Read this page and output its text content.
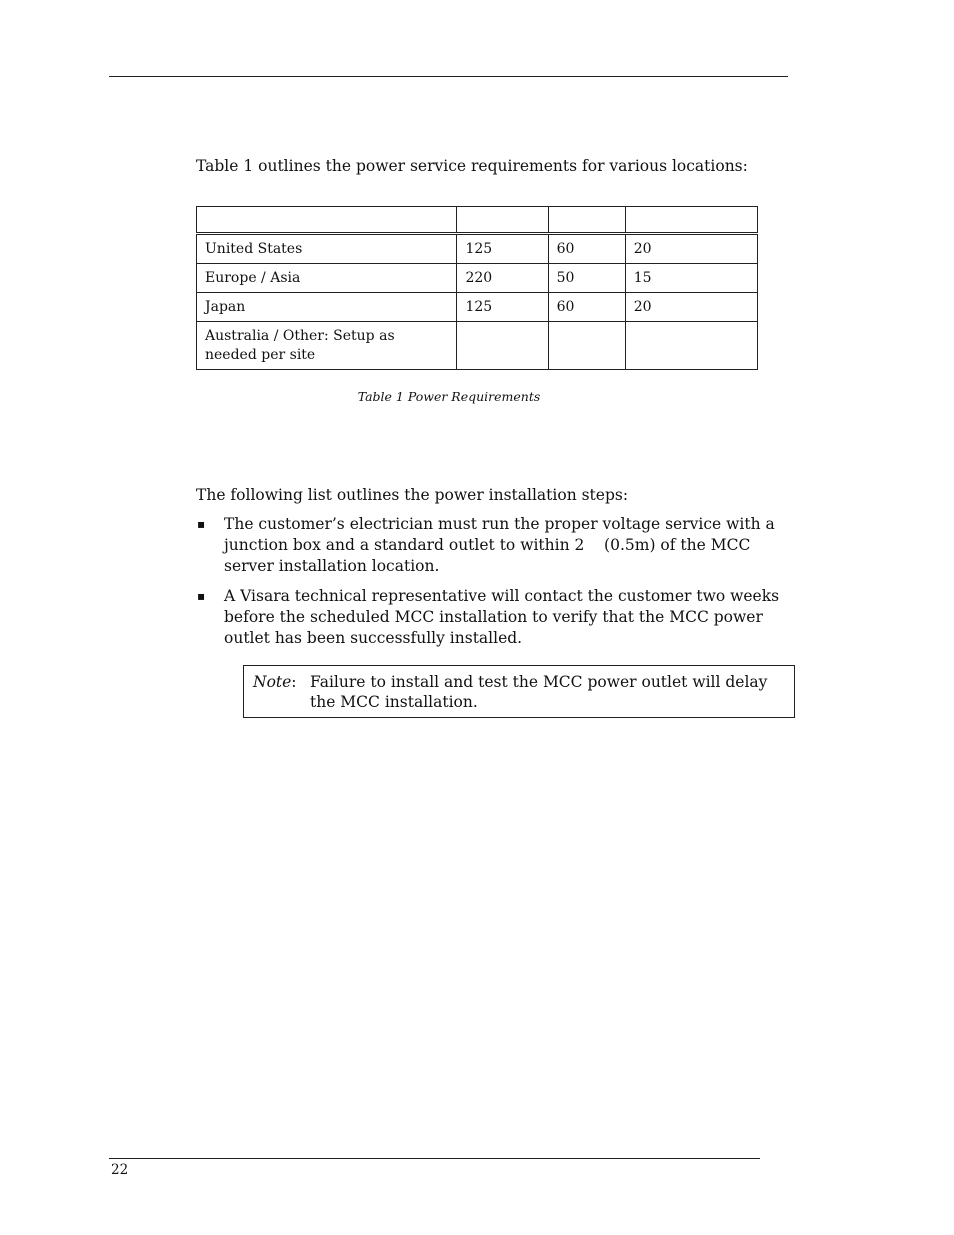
Table 1 outlines the power service requirements for various locations:

United States	125	60	20
Europe / Asia	220	50	15
Japan	125	60	20
Australia / Other: Setup as needed per site			
Table 1 Power Requirements

The following list outlines the power installation steps:

▪ The customer’s electrician must run the proper voltage service with a junction box and a standard outlet to within 2    (0.5m) of the MCC server installation location.
▪ A Visara technical representative will contact the customer two weeks before the scheduled MCC installation to verify that the MCC power outlet has been successfully installed.
Note: Failure to install and test the MCC power outlet will delay the MCC installation.
22
